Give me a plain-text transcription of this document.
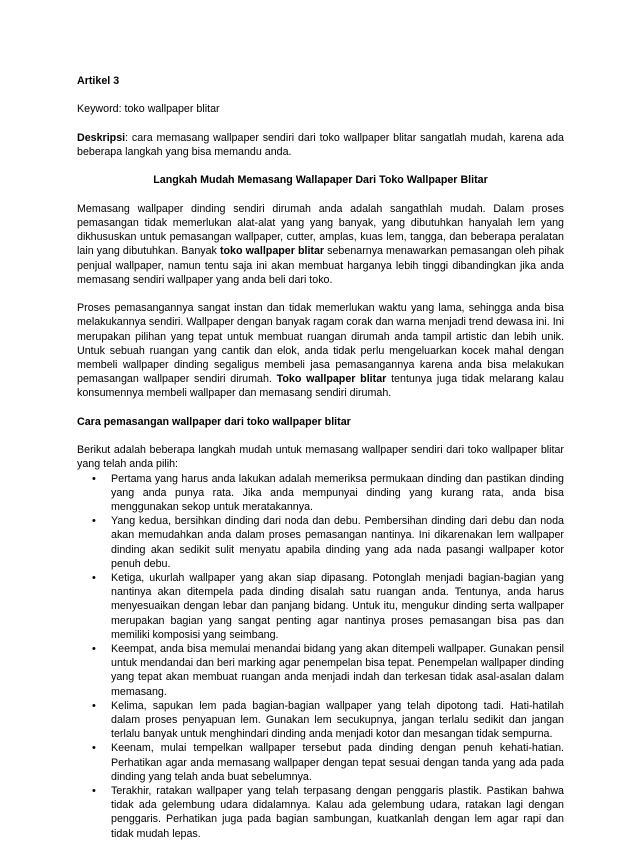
Artikel 3

Keyword: toko wallpaper blitar

Deskripsi: cara memasang wallpaper sendiri dari toko wallpaper blitar sangatlah mudah, karena ada beberapa langkah yang bisa memandu anda.

Langkah Mudah Memasang Wallapaper Dari Toko Wallpaper Blitar

Memasang wallpaper dinding sendiri dirumah anda adalah sangathlah mudah. Dalam proses pemasangan tidak memerlukan alat-alat yang yang banyak, yang dibutuhkan hanyalah lem yang dikhususkan untuk pemasangan wallpaper, cutter, amplas, kuas lem, tangga, dan beberapa peralatan lain yang dibutuhkan. Banyak toko wallpaper blitar sebenarnya menawarkan pemasangan oleh pihak penjual wallpaper, namun tentu saja ini akan membuat harganya lebih tinggi dibandingkan jika anda memasang sendiri wallpaper yang anda beli dari toko.

Proses pemasangannya sangat instan dan tidak memerlukan waktu yang lama, sehingga anda bisa melakukannya sendiri. Wallpaper dengan banyak ragam corak dan warna menjadi trend dewasa ini. Ini merupakan pilihan yang tepat untuk membuat ruangan dirumah anda tampil artistic dan lebih unik. Untuk sebuah ruangan yang cantik dan elok, anda tidak perlu mengeluarkan kocek mahal dengan membeli wallpaper dinding segaligus membeli jasa pemasangannya karena anda bisa melakukan pemasangan wallpaper sendiri dirumah. Toko wallpaper blitar tentunya juga tidak melarang kalau konsumennya membeli wallpaper dan memasang sendiri dirumah.

Cara pemasangan wallpaper dari toko wallpaper blitar

Berikut adalah beberapa langkah mudah untuk memasang wallpaper sendiri dari toko wallpaper blitar yang telah anda pilih:

• Pertama yang harus anda lakukan adalah memeriksa permukaan dinding dan pastikan dinding yang anda punya rata. Jika anda mempunyai dinding yang kurang rata, anda bisa menggunakan sekop untuk meratakannya.
• Yang kedua, bersihkan dinding dari noda dan debu. Pembersihan dinding dari debu dan noda akan memudahkan anda dalam proses pemasangan nantinya. Ini dikarenakan lem wallpaper dinding akan sedikit sulit menyatu apabila dinding yang ada nada pasangi wallpaper kotor penuh debu.
• Ketiga, ukurlah wallpaper yang akan siap dipasang. Potonglah menjadi bagian-bagian yang nantinya akan ditempela pada dinding disalah satu ruangan anda. Tentunya, anda harus menyesuaikan dengan lebar dan panjang bidang. Untuk itu, mengukur dinding serta wallpaper merupakan bagian yang sangat penting agar nantinya proses pemasangan bisa pas dan memiliki komposisi yang seimbang.
• Keempat, anda bisa memulai menandai bidang yang akan ditempeli wallpaper. Gunakan pensil untuk mendandai dan beri marking agar penempelan bisa tepat. Penempelan wallpaper dinding yang tepat akan membuat ruangan anda menjadi indah dan terkesan tidak asal-asalan dalam memasang.
• Kelima, sapukan lem pada bagian-bagian wallpaper yang telah dipotong tadi. Hati-hatilah dalam proses penyapuan lem. Gunakan lem secukupnya, jangan terlalu sedikit dan jangan terlalu banyak untuk menghindari dinding anda menjadi kotor dan mesangan tidak sempurna.
• Keenam, mulai tempelkan wallpaper tersebut pada dinding dengan penuh kehati-hatian. Perhatikan agar anda memasang wallpaper dengan tepat sesuai dengan tanda yang ada pada dinding yang telah anda buat sebelumnya.
• Terakhir, ratakan wallpaper yang telah terpasang dengan penggaris plastik. Pastikan bahwa tidak ada gelembung udara didalamnya. Kalau ada gelembung udara, ratakan lagi dengan penggaris. Perhatikan juga pada bagian sambungan, kuatkanlah dengan lem agar rapi dan tidak mudah lepas.
